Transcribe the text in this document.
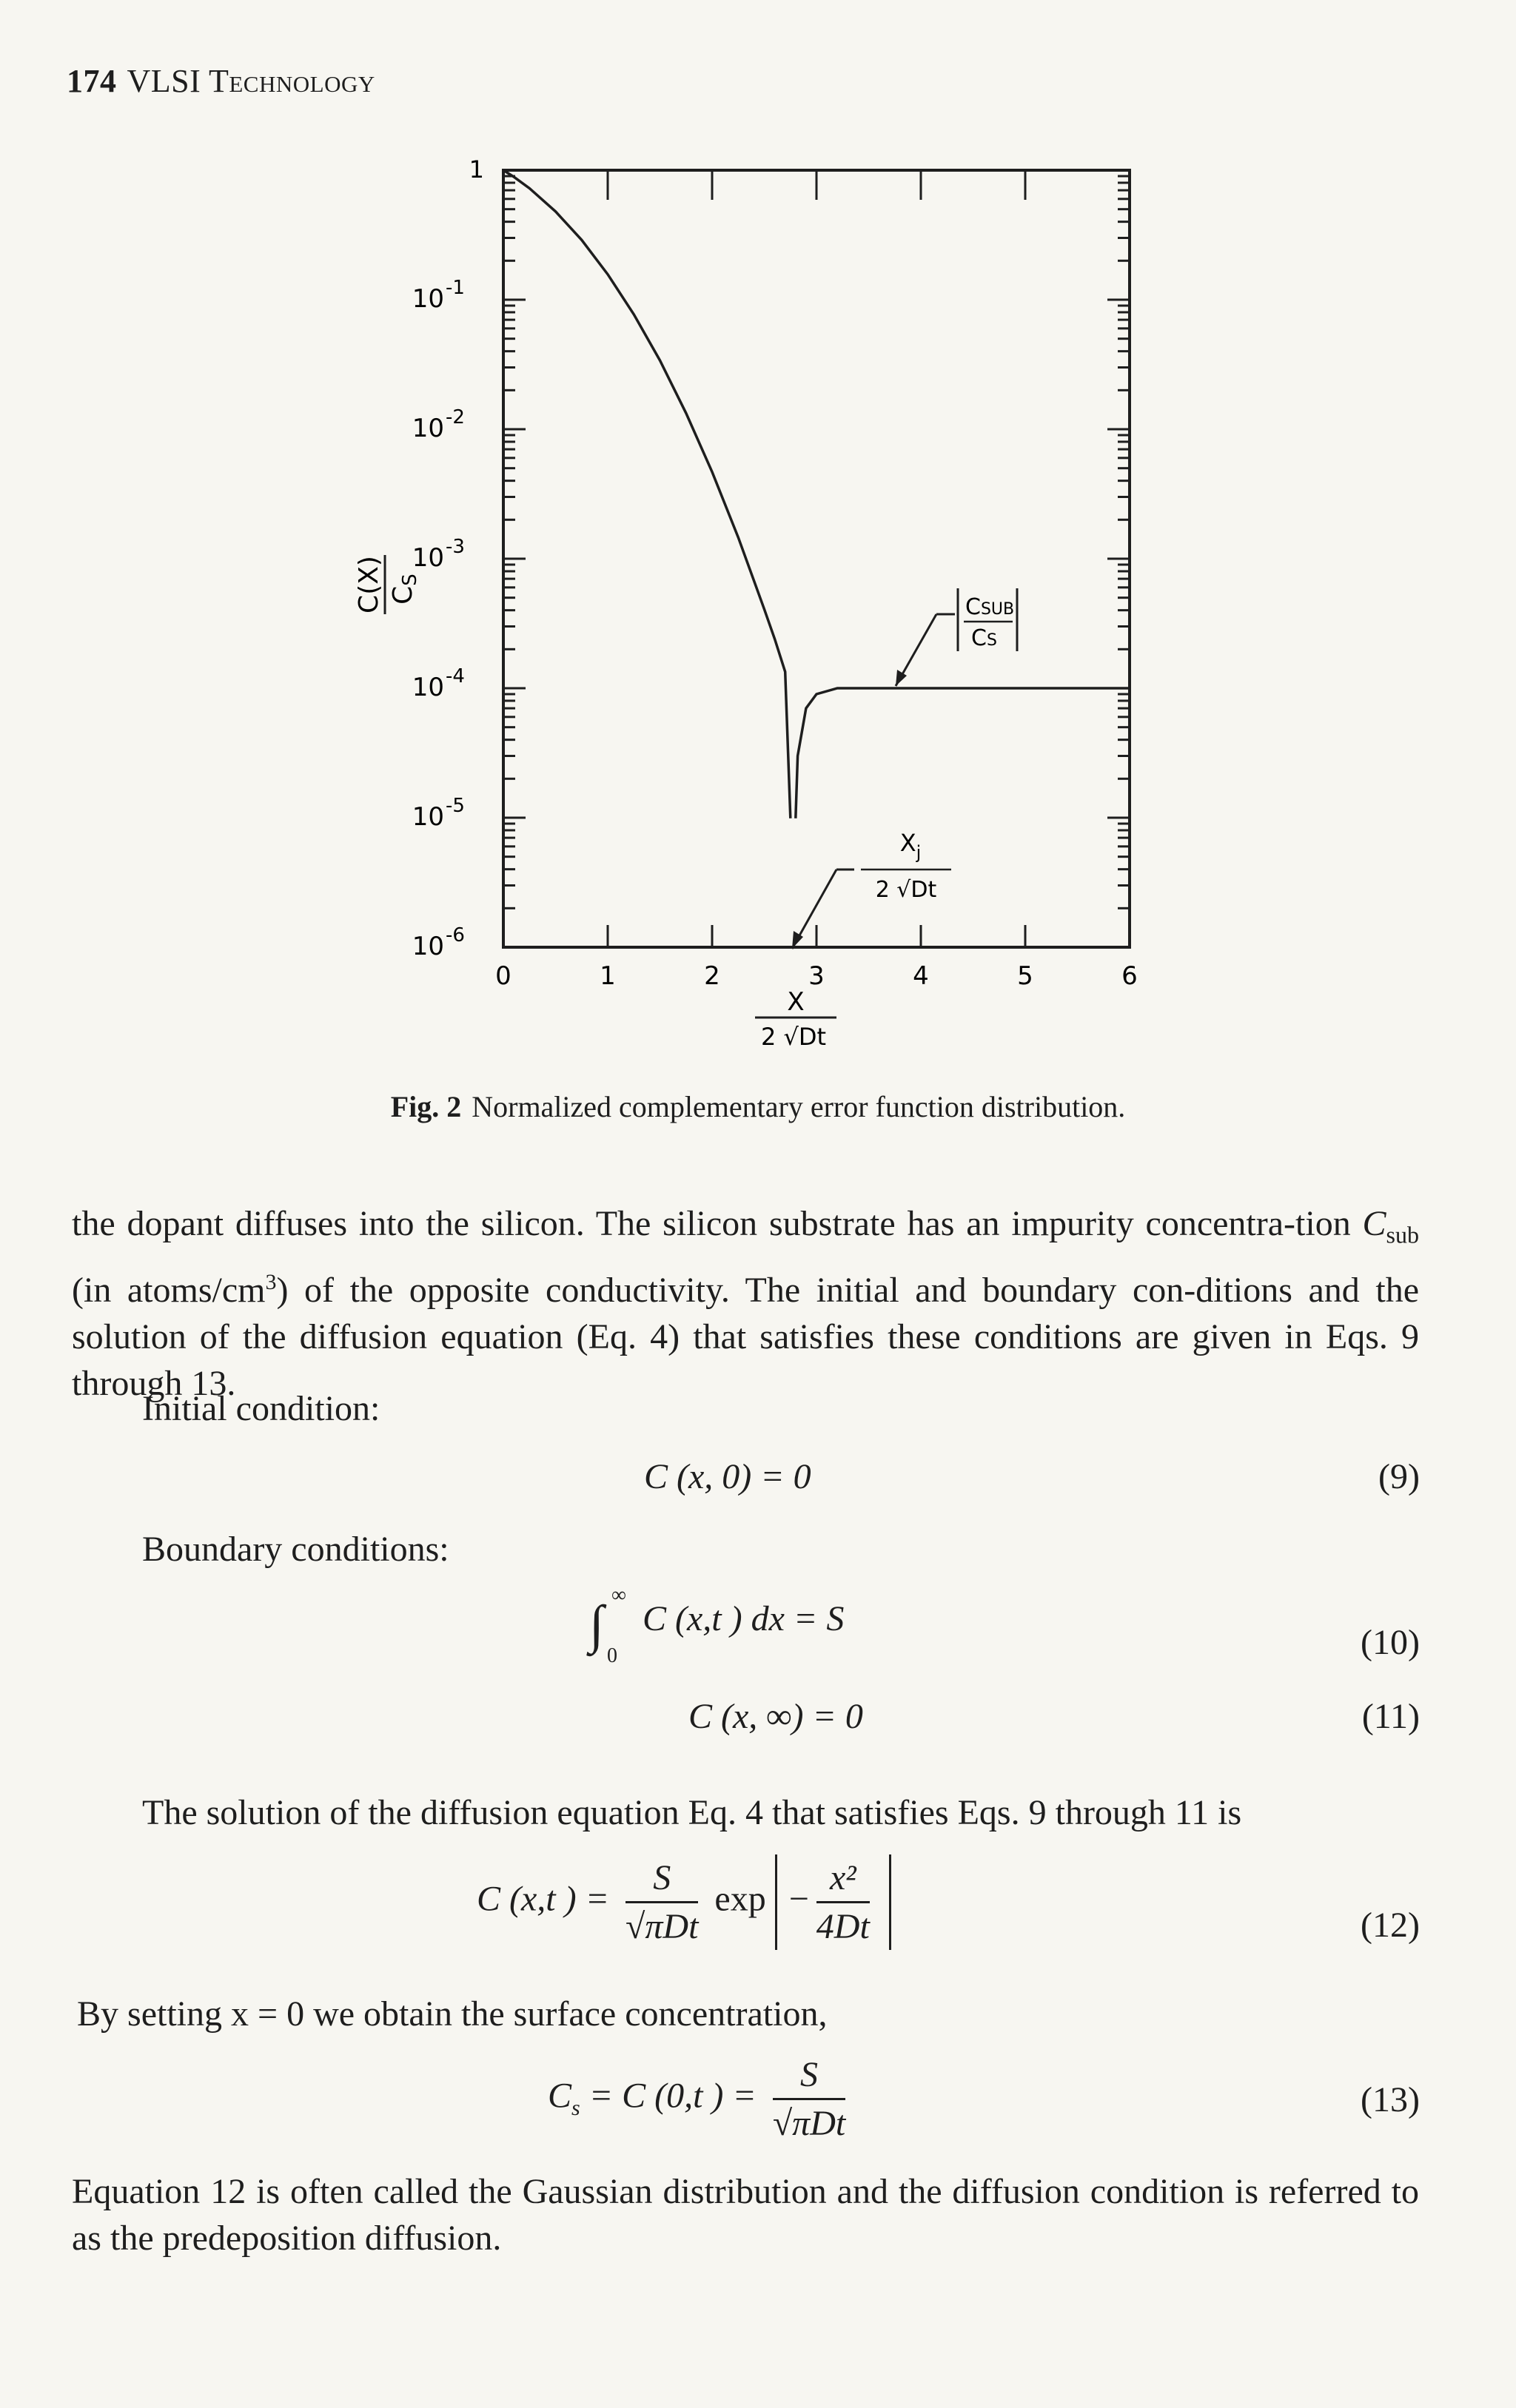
174 VLSI Technology
1
10 -1
10 -2
10 -3
10 -4
10 -5
10 -6
0	1	2	3	4	5	6
C(X) CS
X
2 √Dt
CSUB
CS
$X_j$
2 √Dt
Fig. 2 Normalized complementary error function distribution.
the dopant diffuses into the silicon. The silicon substrate has an impurity concentra-tion $C_{sub}$ (in atoms/$cm^3$) of the opposite conductivity. The initial and boundary con-ditions and the solution of the diffusion equation (Eq. 4) that satisfies these conditions are given in Eqs. 9 through 13.
Initial condition:
C (x, 0) = 0	(9)
Boundary conditions:
∫ ∞
0
C (x,t ) dx = S
(10)
C (x, ∞) = 0	(11)
The solution of the diffusion equation Eq. 4 that satisfies Eqs. 9 through 11 is
C (x,t ) = $\frac{S}{\text{√πDt}}$ $\exp - \frac{\text{x²}}{4Dt}$	(12)
By setting x = 0 we obtain the surface concentration,
$C_s = C$ (0,t ) = $\frac{S}{\text{√πDt}}$	(13)
Equation 12 is often called the Gaussian distribution and the diffusion condition is referred to as the predeposition diffusion.
